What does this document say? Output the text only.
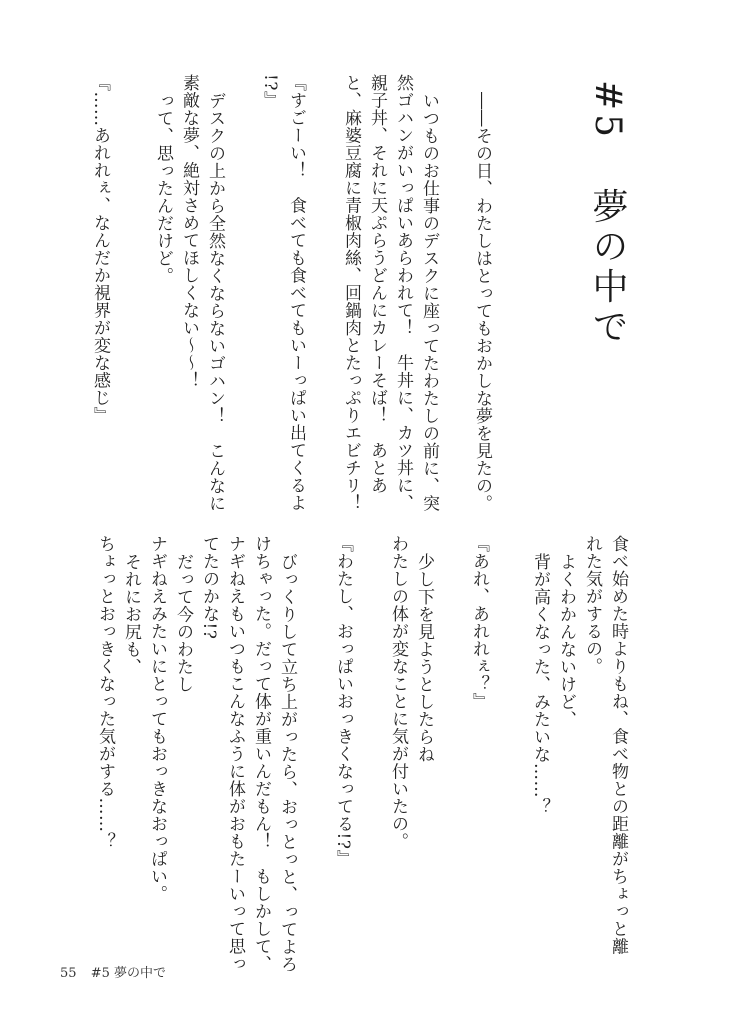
#5   夢の中で
――その日、わたしはとってもおかしな夢を見たの。
いつものお仕事のデスクに座ってたわたしの前に、突
然ゴハンがいっぱいあらわれて！　牛丼に、カツ丼に、
親子丼、それに天ぷらうどんにカレーそば！　あとあ
と、麻婆豆腐に青椒肉絲、回鍋肉とたっぷりエビチリ！
『すごーい！　食べても食べてもいーっぱい出てくるよ
!?』
デスクの上から全然なくならないゴハン！　こんなに
素敵な夢、絶対さめてほしくない～～！
って、思ったんだけど。
『……あれれぇ、なんだか視界が変な感じ』
食べ始めた時よりもね、食べ物との距離がちょっと離
れた気がするの。
よくわかんないけど、
背が高くなった、みたいな……？
『あれ、あれれぇ？』
少し下を見ようとしたらね
わたしの体が変なことに気が付いたの。
『わたし、おっぱいおっきくなってる!?』
びっくりして立ち上がったら、おっとっと、ってよろ
けちゃった。だって体が重いんだもん！　もしかして、
ナギねえもいつもこんなふうに体がおもたーいって思っ
てたのかな!?
だって今のわたし
ナギねえみたいにとってもおっきなおっぱい。
それにお尻も、
ちょっとおっきくなった気がする……？
55 #5 夢の中で
